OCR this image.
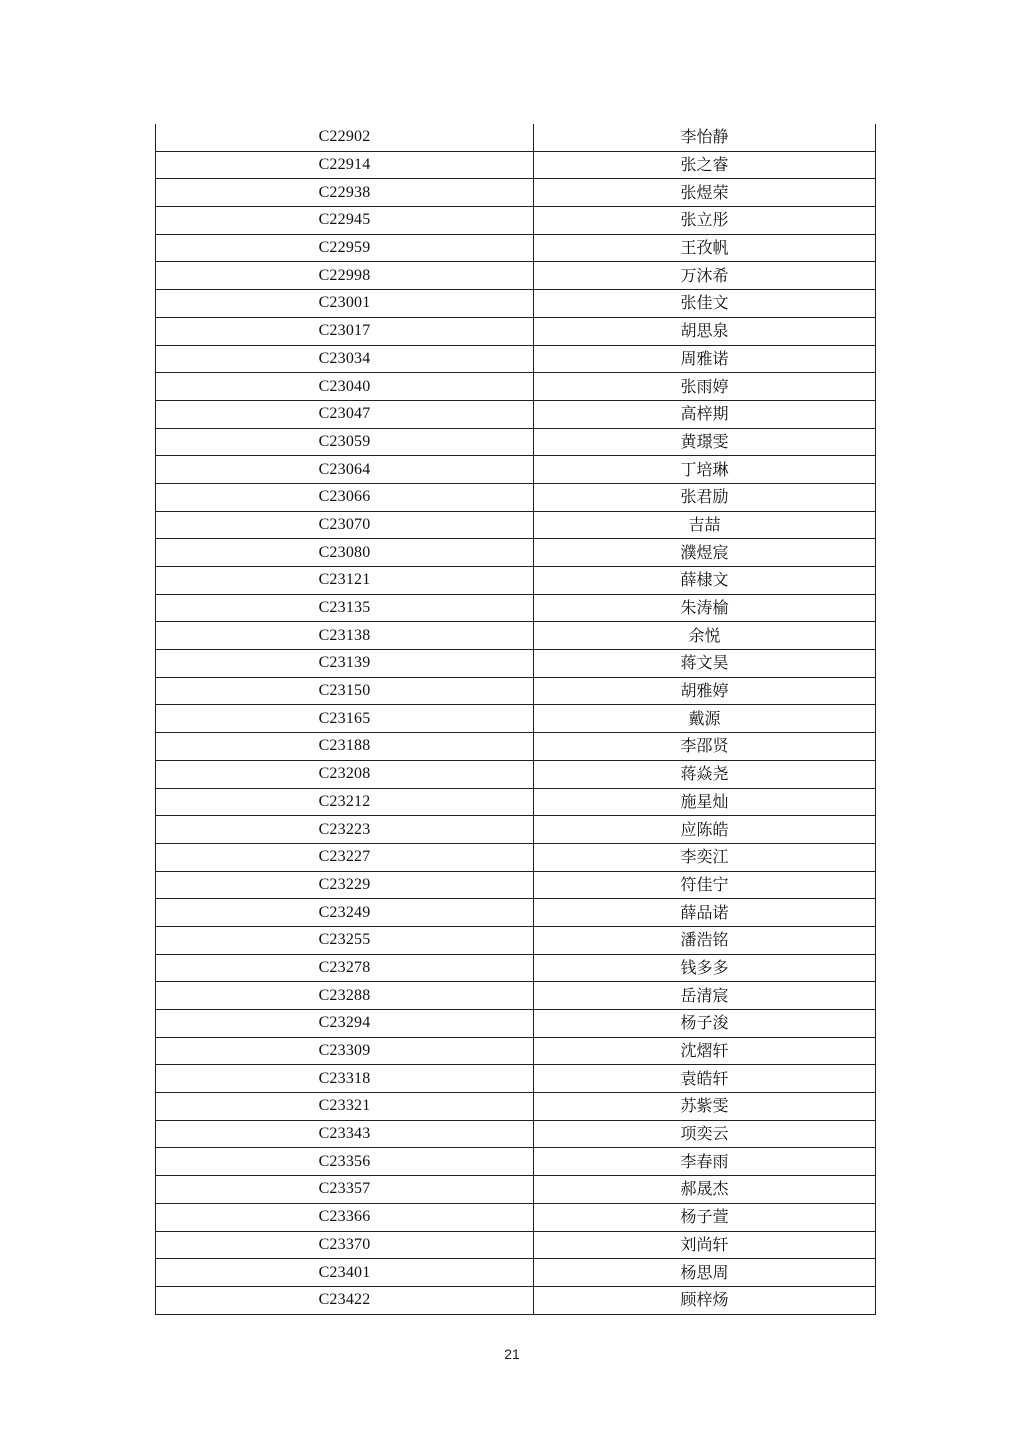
C22902	李怡静
C22914	张之睿
C22938	张煜荣
C22945	张立彤
C22959	王孜帆
C22998	万沐希
C23001	张佳文
C23017	胡思泉
C23034	周雅诺
C23040	张雨婷
C23047	高梓期
C23059	黄璟雯
C23064	丁培琳
C23066	张君励
C23070	吉喆
C23080	濮煜宸
C23121	薛棣文
C23135	朱涛榆
C23138	余悦
C23139	蒋文昊
C23150	胡雅婷
C23165	戴源
C23188	李邵贤
C23208	蒋焱尧
C23212	施星灿
C23223	应陈皓
C23227	李奕江
C23229	符佳宁
C23249	薛品诺
C23255	潘浩铭
C23278	钱多多
C23288	岳清宸
C23294	杨子浚
C23309	沈熠轩
C23318	袁皓轩
C23321	苏紫雯
C23343	项奕云
C23356	李春雨
C23357	郝晟杰
C23366	杨子萱
C23370	刘尚轩
C23401	杨思周
C23422	顾梓炀
21
